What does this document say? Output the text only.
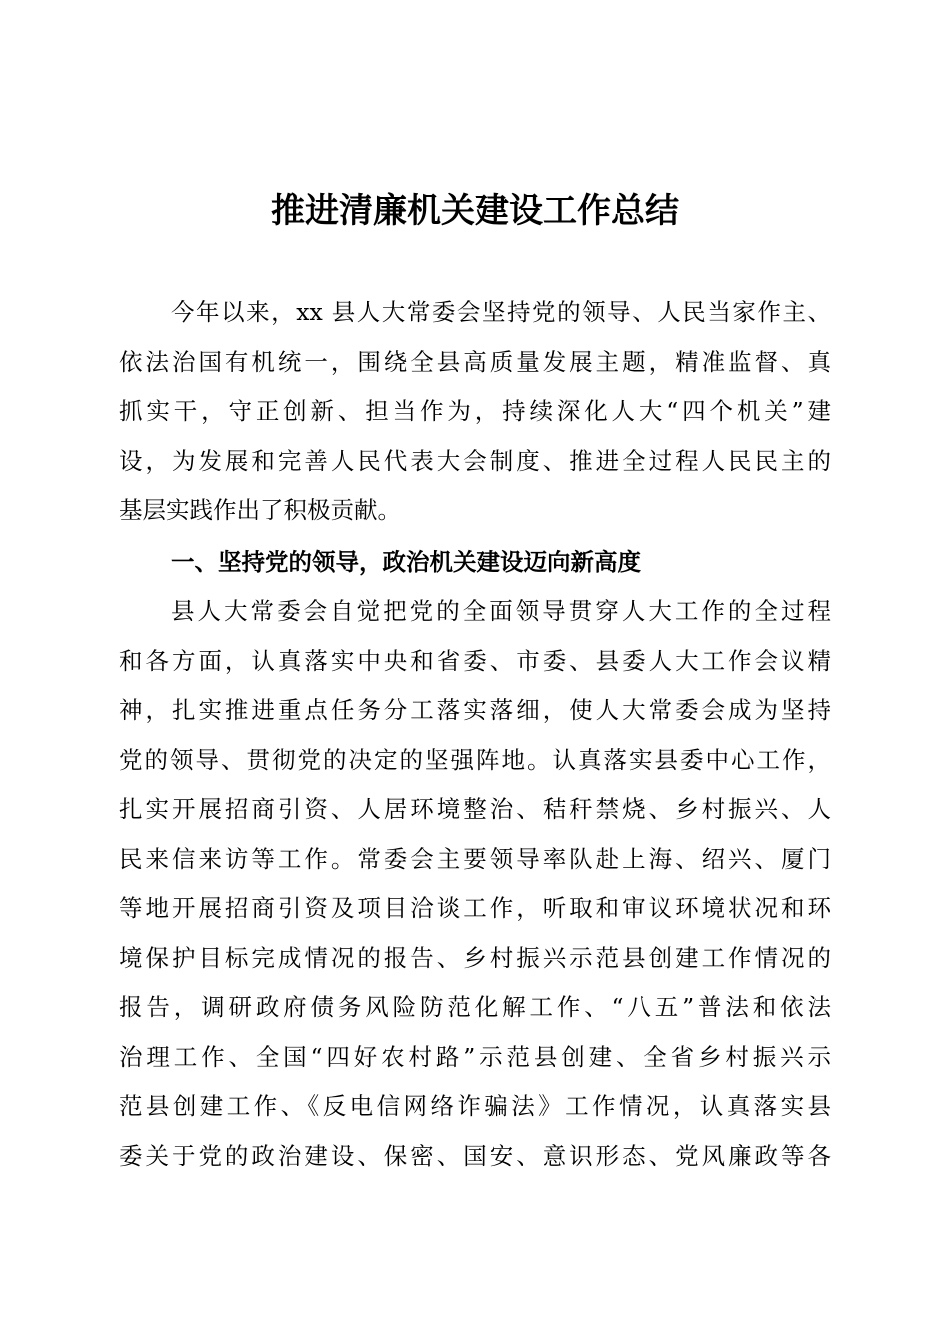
推进清廉机关建设工作总结
今年以来，xx 县人大常委会坚持党的领导、人民当家作主、
依法治国有机统一，围绕全县高质量发展主题，精准监督、真
抓实干，守正创新、担当作为，持续深化人大“四个机关”建
设，为发展和完善人民代表大会制度、推进全过程人民民主的
基层实践作出了积极贡献。
一、坚持党的领导，政治机关建设迈向新高度
县人大常委会自觉把党的全面领导贯穿人大工作的全过程
和各方面，认真落实中央和省委、市委、县委人大工作会议精
神，扎实推进重点任务分工落实落细，使人大常委会成为坚持
党的领导、贯彻党的决定的坚强阵地。认真落实县委中心工作，
扎实开展招商引资、人居环境整治、秸秆禁烧、乡村振兴、人
民来信来访等工作。常委会主要领导率队赴上海、绍兴、厦门
等地开展招商引资及项目洽谈工作，听取和审议环境状况和环
境保护目标完成情况的报告、乡村振兴示范县创建工作情况的
报告，调研政府债务风险防范化解工作、“八五”普法和依法
治理工作、全国“四好农村路”示范县创建、全省乡村振兴示
范县创建工作、《反电信网络诈骗法》工作情况，认真落实县
委关于党的政治建设、保密、国安、意识形态、党风廉政等各
